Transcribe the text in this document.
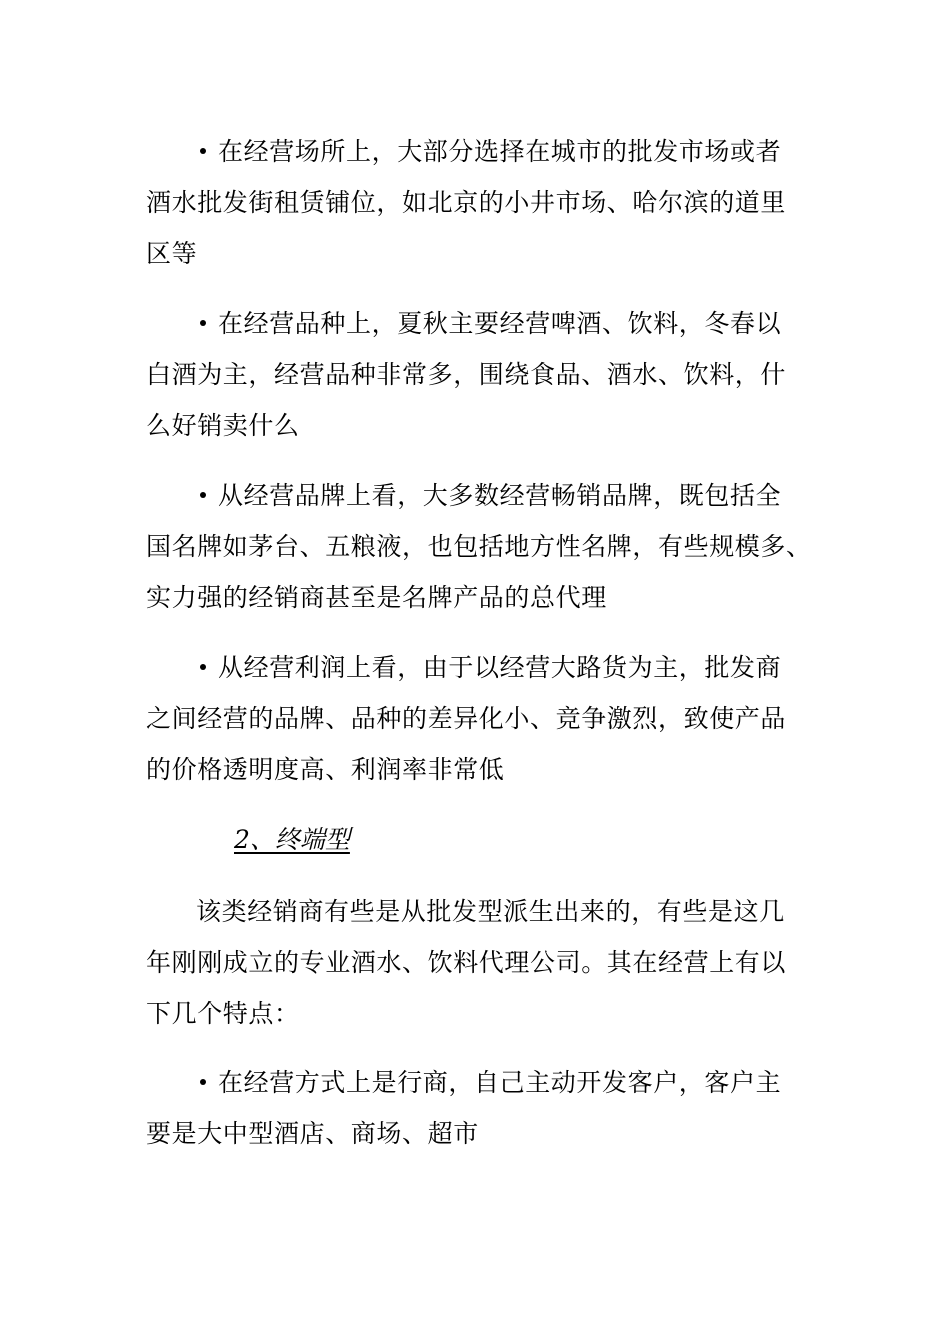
在经营场所上，大部分选择在城市的批发市场或者
酒水批发街租赁铺位，如北京的小井市场、哈尔滨的道里
区等
在经营品种上，夏秋主要经营啤酒、饮料，冬春以
白酒为主，经营品种非常多，围绕食品、酒水、饮料，什
么好销卖什么
从经营品牌上看，大多数经营畅销品牌，既包括全
国名牌如茅台、五粮液，也包括地方性名牌，有些规模多、
实力强的经销商甚至是名牌产品的总代理
从经营利润上看，由于以经营大路货为主，批发商
之间经营的品牌、品种的差异化小、竞争激烈，致使产品
的价格透明度高、利润率非常低
2、终端型
该类经销商有些是从批发型派生出来的，有些是这几
年刚刚成立的专业酒水、饮料代理公司。其在经营上有以
下几个特点：
在经营方式上是行商，自己主动开发客户，客户主
要是大中型酒店、商场、超市
